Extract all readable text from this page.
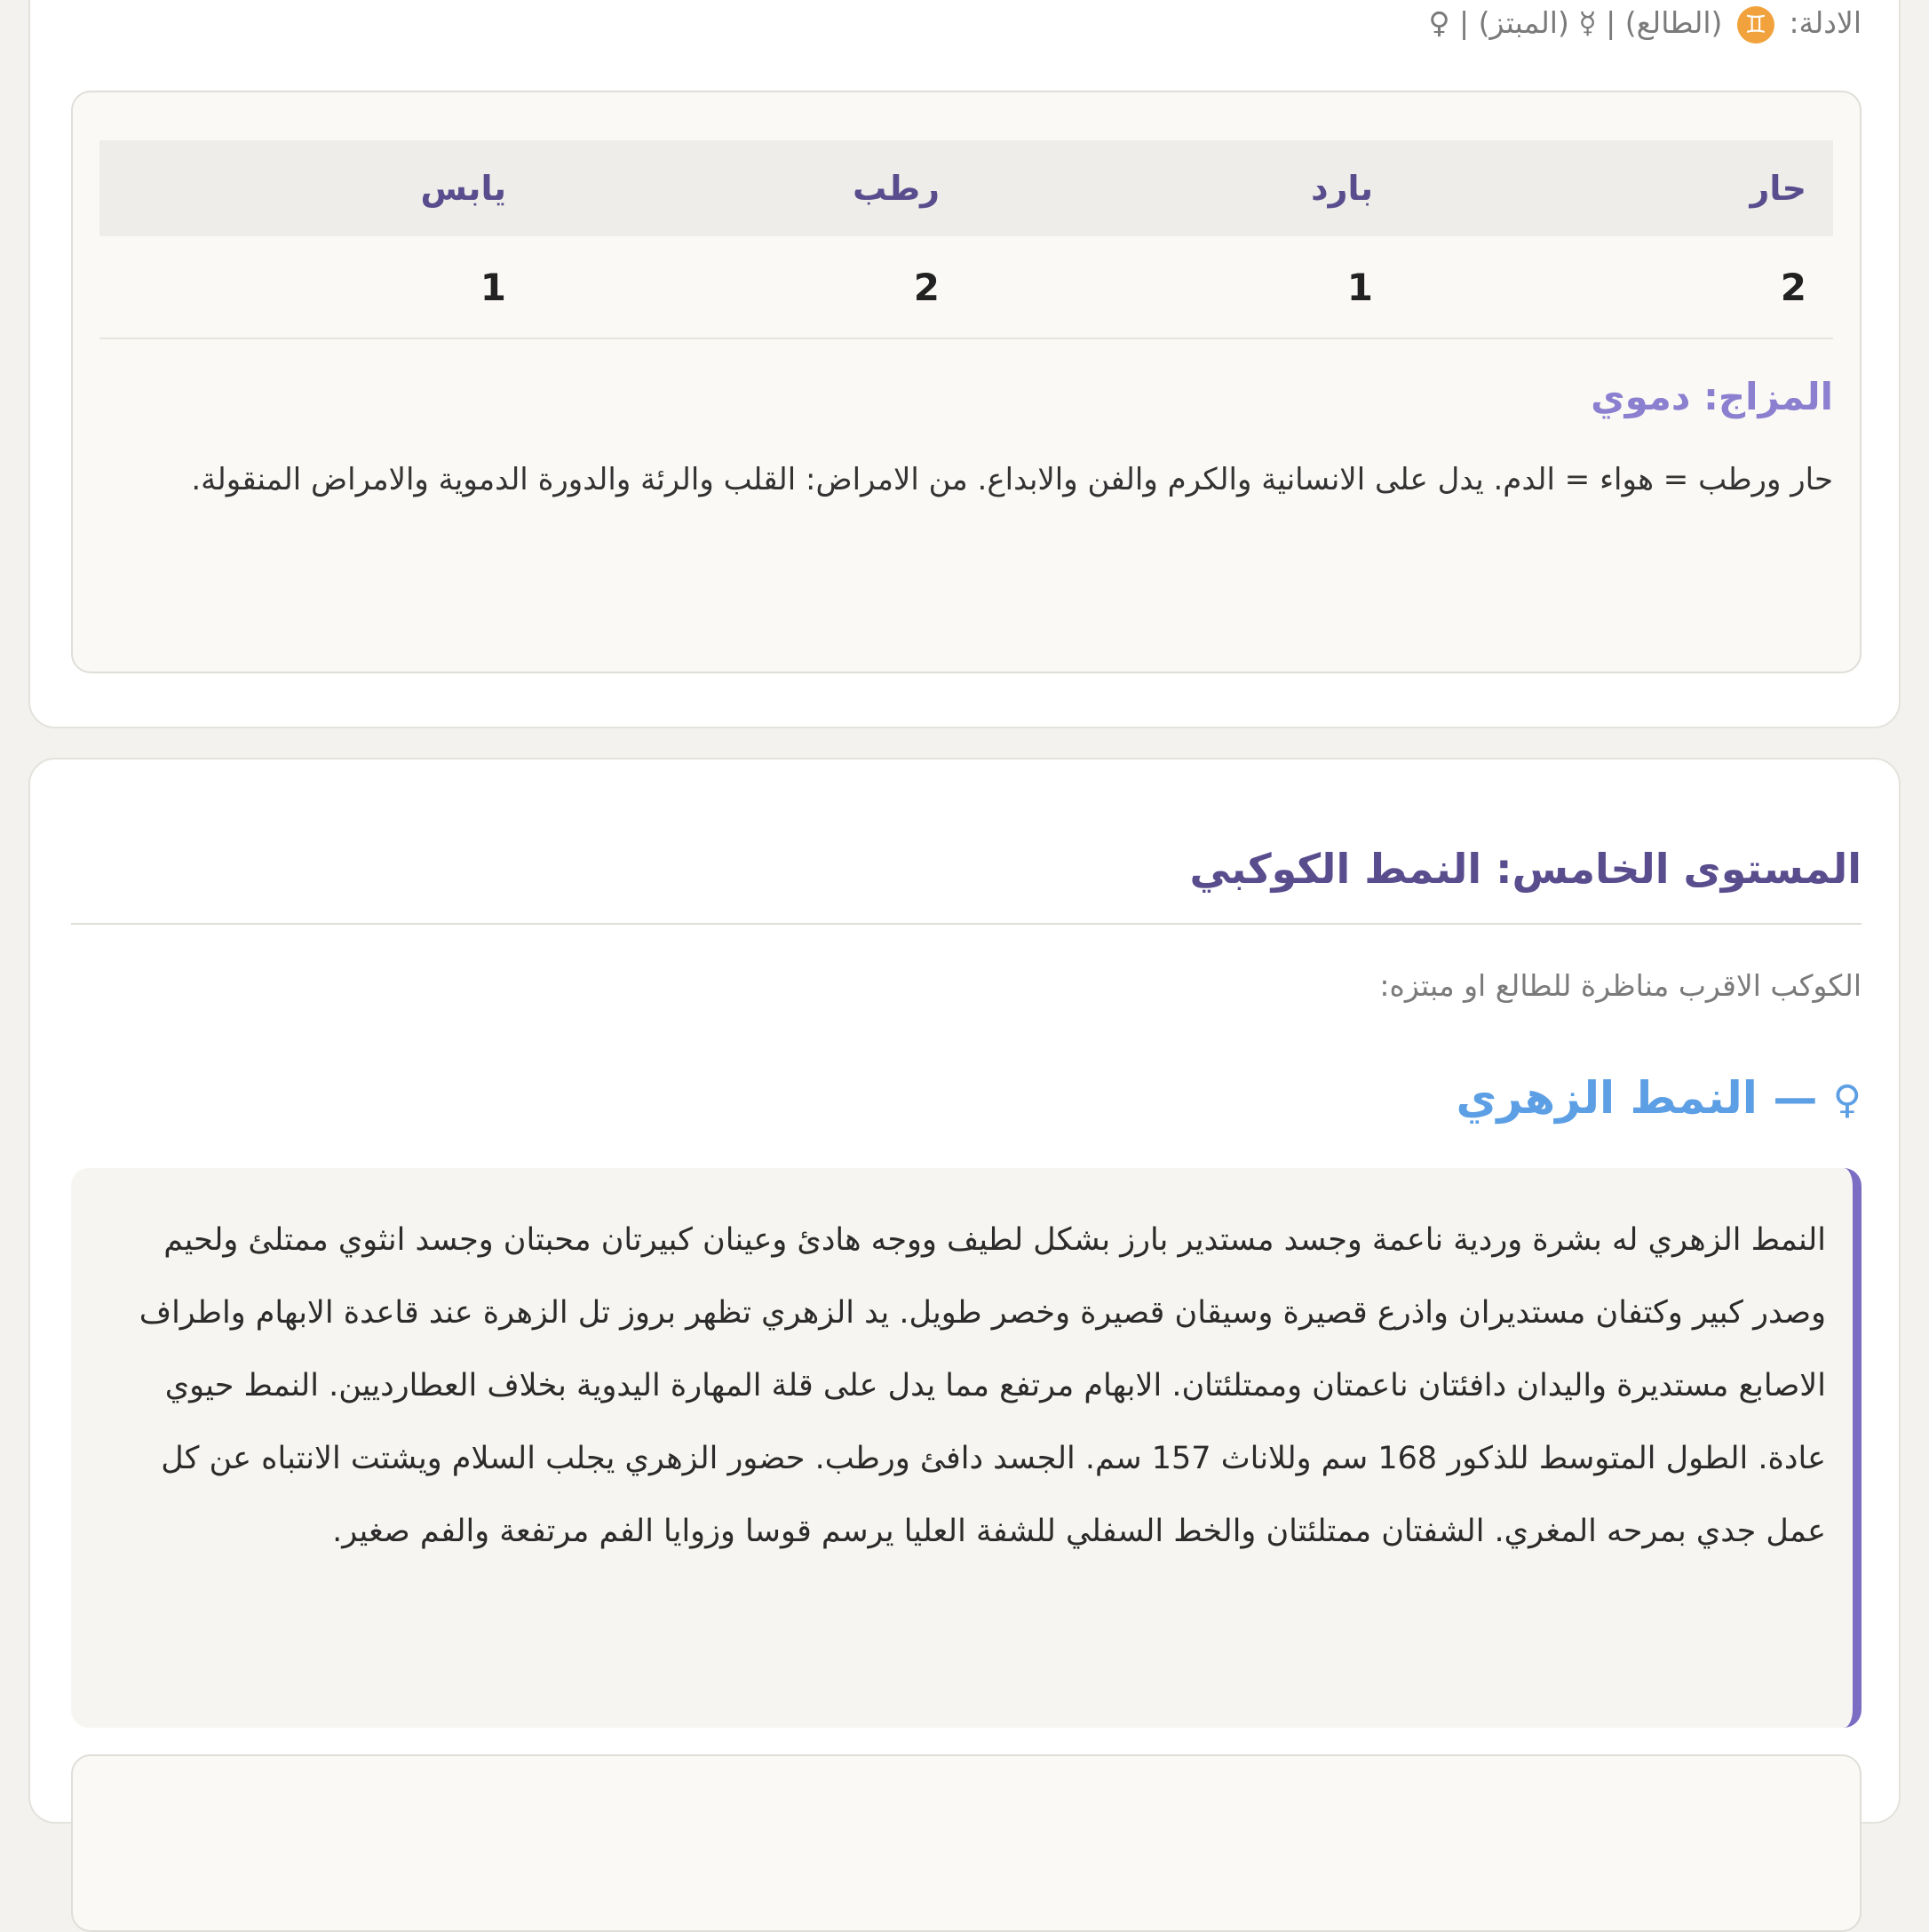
الادلة: ♊ (الطالع) | ☿ (المبتز) | ♀
حار	بارد	رطب	يابس
2	1	2	1
المزاج: دموي

حار ورطب = هواء = الدم. يدل على الانسانية والكرم والفن والابداع. من الامراض: القلب والرئة والدورة الدموية والامراض المنقولة.

المستوى الخامس: النمط الكوكبي
الكوكب الاقرب مناظرة للطالع او مبتزه:
♀ — النمط الزهري

النمط الزهري له بشرة وردية ناعمة وجسد مستدير بارز بشكل لطيف ووجه هادئ وعينان كبيرتان محبتان وجسد انثوي ممتلئ ولحيم وصدر كبير وكتفان مستديران واذرع قصيرة وسيقان قصيرة وخصر طويل. يد الزهري تظهر بروز تل الزهرة عند قاعدة الابهام واطراف الاصابع مستديرة واليدان دافئتان ناعمتان وممتلئتان. الابهام مرتفع مما يدل على قلة المهارة اليدوية بخلاف العطارديين. النمط حيوي عادة. الطول المتوسط للذكور 168 سم وللاناث 157 سم. الجسد دافئ ورطب. حضور الزهري يجلب السلام ويشتت الانتباه عن كل عمل جدي بمرحه المغري. الشفتان ممتلئتان والخط السفلي للشفة العليا يرسم قوسا وزوايا الفم مرتفعة والفم صغير.
